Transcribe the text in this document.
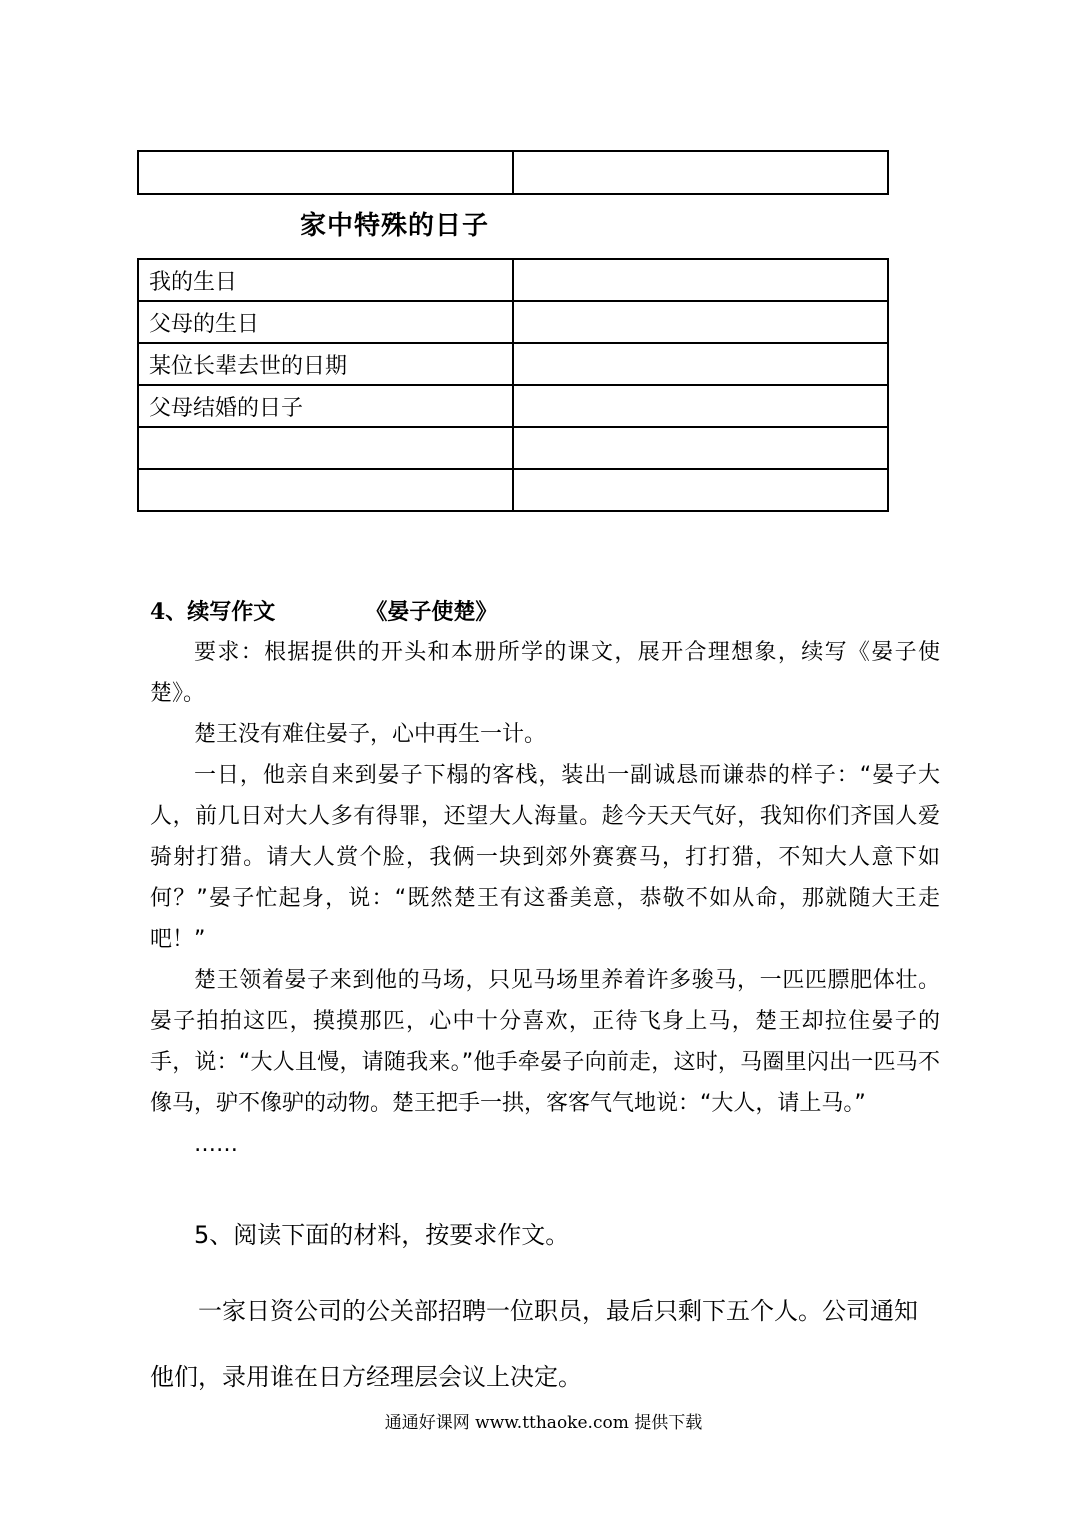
家中特殊的日子
我的生日	
父母的生日	
某位长辈去世的日期	
父母结婚的日子	

4、续写作文	《晏子使楚》

要求：根据提供的开头和本册所学的课文，展开合理想象，续写《晏子使楚》。

楚王没有难住晏子，心中再生一计。

一日，他亲自来到晏子下榻的客栈，装出一副诚恳而谦恭的样子：“晏子大人，前几日对大人多有得罪，还望大人海量。趁今天天气好，我知你们齐国人爱骑射打猎。请大人赏个脸，我俩一块到郊外赛赛马，打打猎，不知大人意下如何？”晏子忙起身，说：“既然楚王有这番美意，恭敬不如从命，那就随大王走吧！”

楚王领着晏子来到他的马场，只见马场里养着许多骏马，一匹匹膘肥体壮。晏子拍拍这匹，摸摸那匹，心中十分喜欢，正待飞身上马，楚王却拉住晏子的手，说：“大人且慢，请随我来。”他手牵晏子向前走，这时，马圈里闪出一匹马不像马，驴不像驴的动物。楚王把手一拱，客客气气地说：“大人，请上马。”

……

5、阅读下面的材料，按要求作文。
一家日资公司的公关部招聘一位职员，最后只剩下五个人。公司通知他们，录用谁在日方经理层会议上决定。
通通好课网 www.tthaoke.com 提供下载
